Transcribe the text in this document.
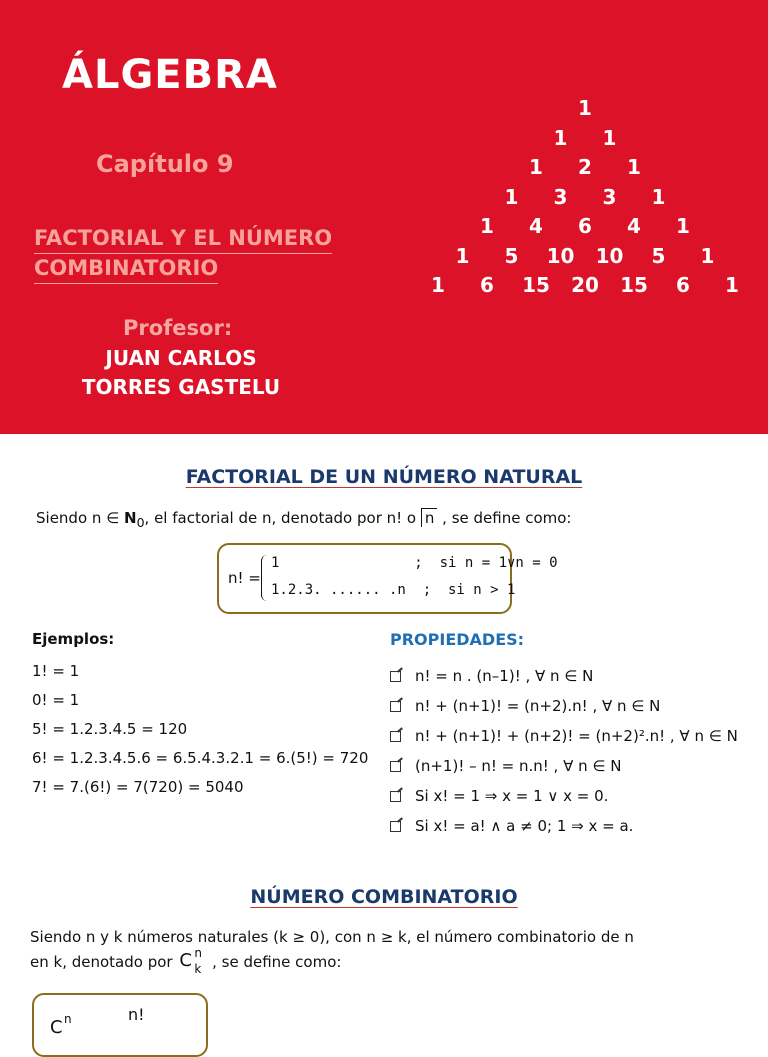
ÁLGEBRA
Capítulo 9
FACTORIAL Y EL NÚMERO
COMBINATORIO
Profesor:
JUAN CARLOS
TORRES GASTELU
1
1 1
1 2 1
1 3 3 1
1 4 6 4 1
1 5 10 10 5 1
1 6 15 20 15 6 1
FACTORIAL DE UN NÚMERO NATURAL
Siendo n ∈ $N_0$, el factorial de n, denotado por n! o n , se define como:
n! =
1                ;  si n = 1∨n = 0
1.2.3. ...... .n  ;  si n > 1
Ejemplos:
1! = 1
0! = 1
5! = 1.2.3.4.5 = 120
6! = 1.2.3.4.5.6 = 6.5.4.3.2.1 = 6.(5!) = 720
7! = 7.(6!) = 7(720) = 5040
PROPIEDADES:
n! = n . (n–1)! , ∀ n ∈ N
n! + (n+1)! = (n+2).n! , ∀ n ∈ N
n! + (n+1)! + (n+2)! = (n+2)².n! , ∀ n ∈ N
(n+1)! – n! = n.n! , ∀ n ∈ N
Si x! = 1 ⇒ x = 1 ∨ x = 0.
Si x! = a! ∧ a ≠ 0; 1 ⇒ x = a.
NÚMERO COMBINATORIO
Siendo n y k números naturales (k ≥ 0), con n ≥ k, el número combinatorio de n
en k, denotado por C n
k , se define como:
C n	n!
